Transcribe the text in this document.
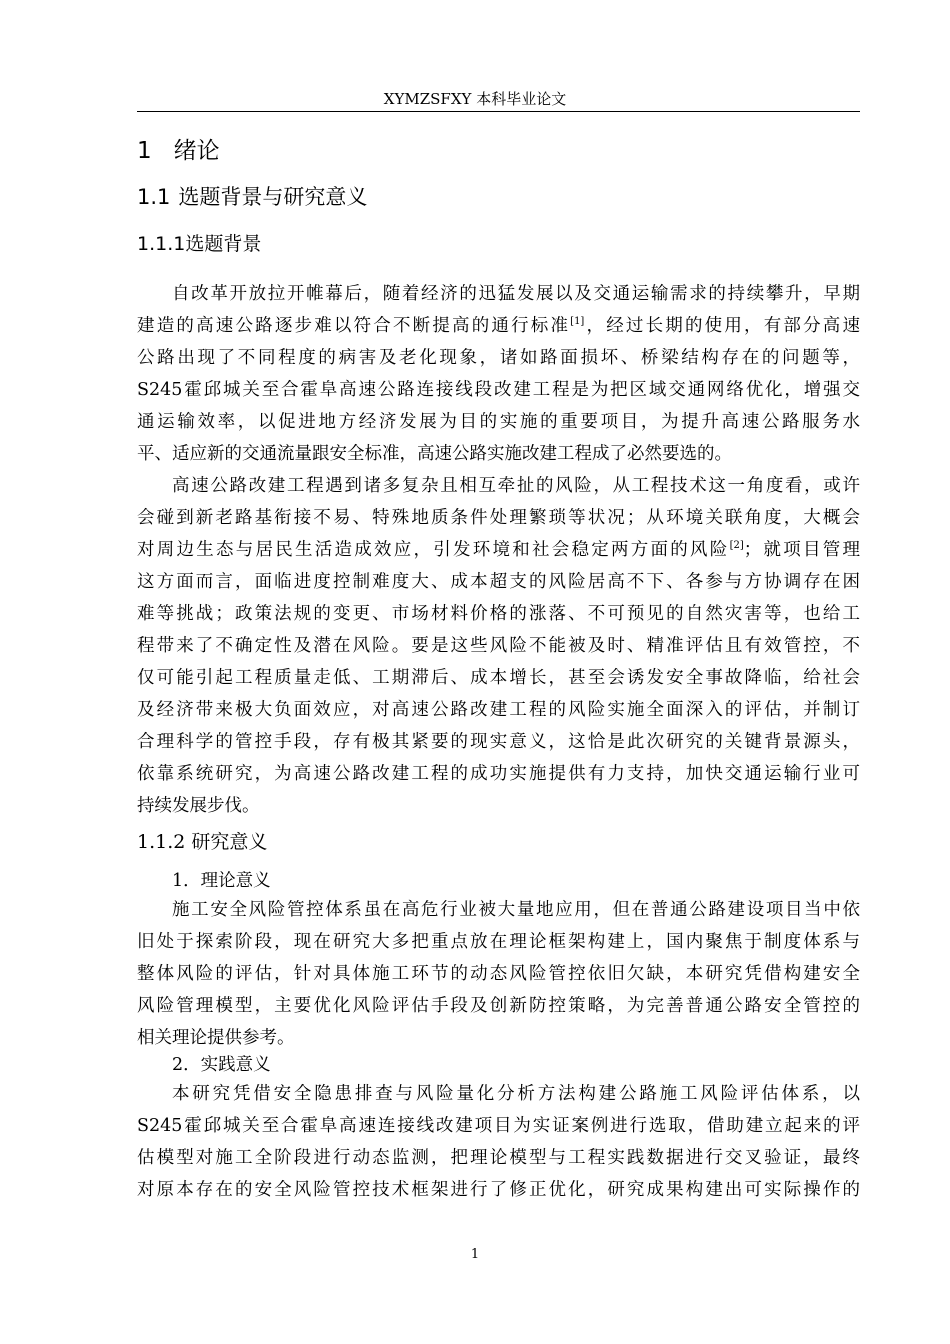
XYMZSFXY 本科毕业论文
1 绪论
1.1 选题背景与研究意义
1.1.1选题背景
自改革开放拉开帷幕后，随着经济的迅猛发展以及交通运输需求的持续攀升，早期
建造的高速公路逐步难以符合不断提高的通行标准[1]，经过长期的使用，有部分高速
公路出现了不同程度的病害及老化现象，诸如路面损坏、桥梁结构存在的问题等，
S245霍邱城关至合霍阜高速公路连接线段改建工程是为把区域交通网络优化，增强交
通运输效率，以促进地方经济发展为目的实施的重要项目，为提升高速公路服务水
平、适应新的交通流量跟安全标准，高速公路实施改建工程成了必然要选的。
高速公路改建工程遇到诸多复杂且相互牵扯的风险，从工程技术这一角度看，或许
会碰到新老路基衔接不易、特殊地质条件处理繁琐等状况；从环境关联角度，大概会
对周边生态与居民生活造成效应，引发环境和社会稳定两方面的风险[2]；就项目管理
这方面而言，面临进度控制难度大、成本超支的风险居高不下、各参与方协调存在困
难等挑战；政策法规的变更、市场材料价格的涨落、不可预见的自然灾害等，也给工
程带来了不确定性及潜在风险。要是这些风险不能被及时、精准评估且有效管控，不
仅可能引起工程质量走低、工期滞后、成本增长，甚至会诱发安全事故降临，给社会
及经济带来极大负面效应，对高速公路改建工程的风险实施全面深入的评估，并制订
合理科学的管控手段，存有极其紧要的现实意义，这恰是此次研究的关键背景源头，
依靠系统研究，为高速公路改建工程的成功实施提供有力支持，加快交通运输行业可
持续发展步伐。
1.1.2 研究意义
1．理论意义
施工安全风险管控体系虽在高危行业被大量地应用，但在普通公路建设项目当中依
旧处于探索阶段，现在研究大多把重点放在理论框架构建上，国内聚焦于制度体系与
整体风险的评估，针对具体施工环节的动态风险管控依旧欠缺，本研究凭借构建安全
风险管理模型，主要优化风险评估手段及创新防控策略，为完善普通公路安全管控的
相关理论提供参考。
2．实践意义
本研究凭借安全隐患排查与风险量化分析方法构建公路施工风险评估体系，以
S245霍邱城关至合霍阜高速连接线改建项目为实证案例进行选取，借助建立起来的评
估模型对施工全阶段进行动态监测，把理论模型与工程实践数据进行交叉验证，最终
对原本存在的安全风险管控技术框架进行了修正优化，研究成果构建出可实际操作的
1
